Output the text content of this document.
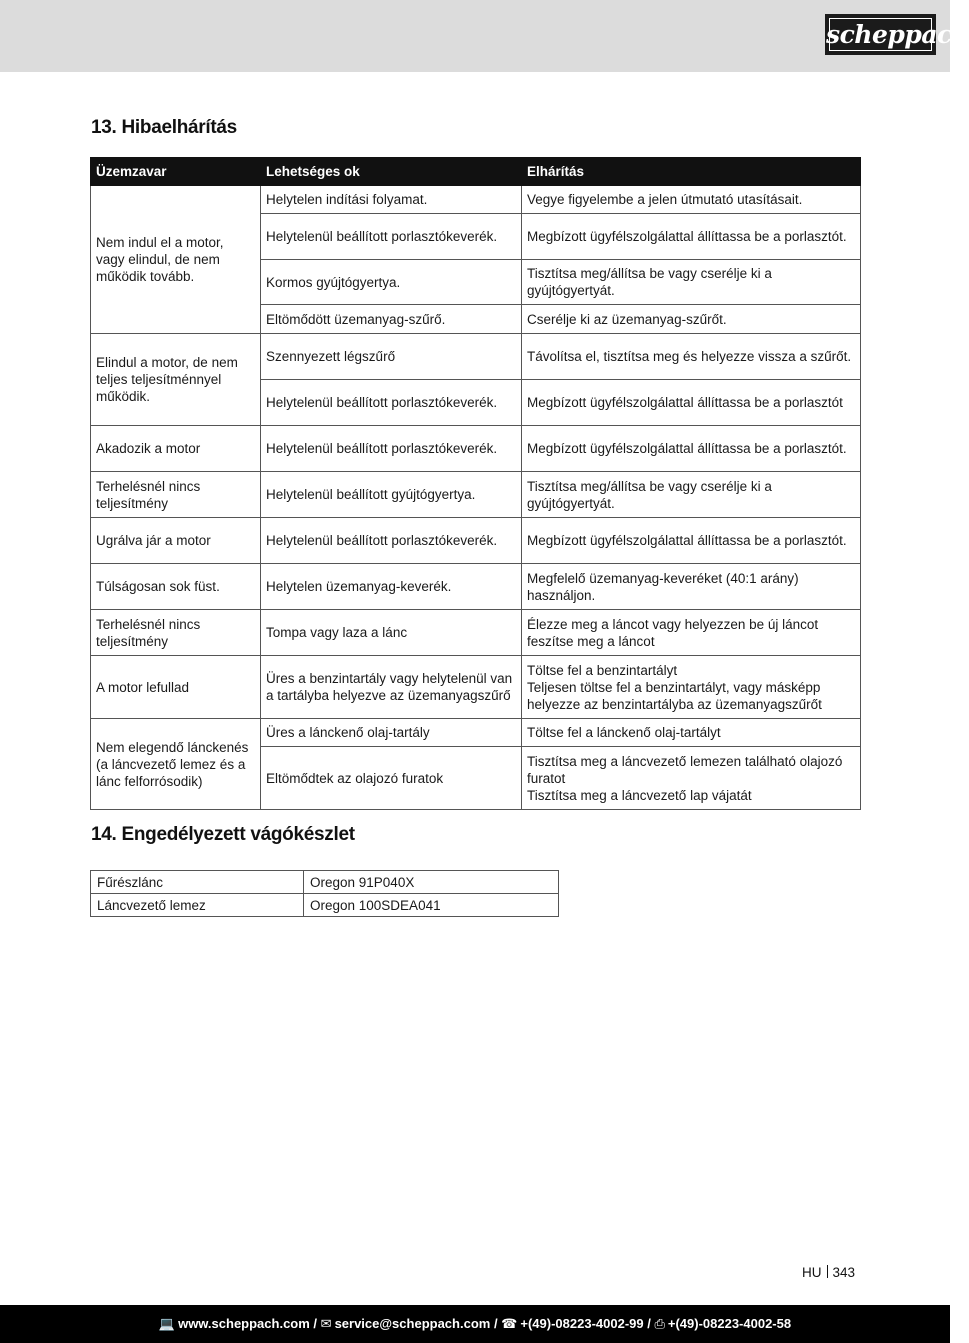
scheppach
13. Hibaelhárítás
Üzemzavar	Lehetséges ok	Elhárítás
Nem indul el a motor, vagy elindul, de nem működik tovább.	Helytelen indítási folyamat.	Vegye figyelembe a jelen útmutató utasításait.
	Helytelenül beállított porlasztókeverék.	Megbízott ügyfélszolgálattal állíttassa be a porlasztót.
	Kormos gyújtógyertya.	Tisztítsa meg/állítsa be vagy cserélje ki a gyújtógyertyát.
	Eltömődött üzemanyag-szűrő.	Cserélje ki az üzemanyag-szűrőt.
Elindul a motor, de nem teljes teljesítménnyel működik.	Szennyezett légszűrő	Távolítsa el, tisztítsa meg és helyezze vissza a szűrőt.
	Helytelenül beállított porlasztókeverék.	Megbízott ügyfélszolgálattal állíttassa be a porlasztót
Akadozik a motor	Helytelenül beállított porlasztókeverék.	Megbízott ügyfélszolgálattal állíttassa be a porlasztót.
Terhelésnél nincs teljesítmény	Helytelenül beállított gyújtógyertya.	Tisztítsa meg/állítsa be vagy cserélje ki a gyújtógyertyát.
Ugrálva jár a motor	Helytelenül beállított porlasztókeverék.	Megbízott ügyfélszolgálattal állíttassa be a porlasztót.
Túlságosan sok füst.	Helytelen üzemanyag-keverék.	Megfelelő üzemanyag-keveréket (40:1 arány) használjon.
Terhelésnél nincs teljesítmény	Tompa vagy laza a lánc	Élezze meg a láncot vagy helyezzen be új láncot feszítse meg a láncot
A motor lefullad	Üres a benzintartály vagy helytelenül van a tartályba helyezve az üzemanyagszűrő	Töltse fel a benzintartályt
Teljesen töltse fel a benzintartályt, vagy másképp helyezze az benzintartályba az üzemanyagszűrőt
Nem elegendő lánckenés (a láncvezető lemez és a lánc felforrósodik)	Üres a lánckenő olaj-tartály	Töltse fel a lánckenő olaj-tartályt
	Eltömődtek az olajozó furatok	Tisztítsa meg a láncvezető lemezen található olajozó furatot
Tisztítsa meg a láncvezető lap vájatát
14. Engedélyezett vágókészlet
Fűrészlánc	Oregon 91P040X
Láncvezető lemez	Oregon 100SDEA041
HU 343
💻 www.scheppach.com / ✉ service@scheppach.com / ☎ +(49)-08223-4002-99 / ⎙ +(49)-08223-4002-58
